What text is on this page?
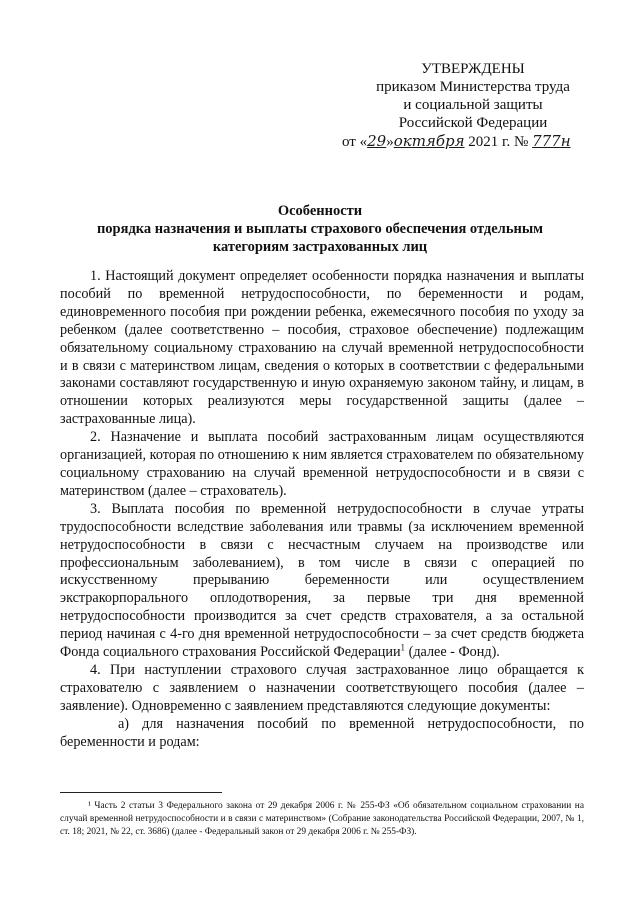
УТВЕРЖДЕНЫ
приказом Министерства труда
и социальной защиты
Российской Федерации
от «29»октября 2021 г. № 777н
Особенности
порядка назначения и выплаты страхового обеспечения отдельным
категориям застрахованных лиц

1. Настоящий документ определяет особенности порядка назначения и выплаты пособий по временной нетрудоспособности, по беременности и родам, единовременного пособия при рождении ребенка, ежемесячного пособия по уходу за ребенком (далее соответственно – пособия, страховое обеспечение) подлежащим обязательному социальному страхованию на случай временной нетрудоспособности и в связи с материнством лицам, сведения о которых в соответствии с федеральными законами составляют государственную и иную охраняемую законом тайну, и лицам, в отношении которых реализуются меры государственной защиты (далее – застрахованные лица).

2. Назначение и выплата пособий застрахованным лицам осуществляются организацией, которая по отношению к ним является страхователем по обязательному социальному страхованию на случай временной нетрудоспособности и в связи с материнством (далее – страхователь).

3. Выплата пособия по временной нетрудоспособности в случае утраты трудоспособности вследствие заболевания или травмы (за исключением временной нетрудоспособности в связи с несчастным случаем на производстве или профессиональным заболеванием), в том числе в связи с операцией по искусственному прерыванию беременности или осуществлением экстракорпорального оплодотворения, за первые три дня временной нетрудоспособности производится за счет средств страхователя, а за остальной период начиная с 4-го дня временной нетрудоспособности – за счет средств бюджета Фонда социального страхования Российской Федерации$^1$ (далее - Фонд).

4. При наступлении страхового случая застрахованное лицо обращается к страхователю с заявлением о назначении соответствующего пособия (далее – заявление). Одновременно с заявлением представляются следующие документы:

а) для назначения пособий по временной нетрудоспособности, по беременности и родам:

¹ Часть 2 статьи 3 Федерального закона от 29 декабря 2006 г. № 255-ФЗ «Об обязательном социальном страховании на случай временной нетрудоспособности и в связи с материнством» (Собрание законодательства Российской Федерации, 2007, № 1, ст. 18; 2021, № 22, ст. 3686) (далее - Федеральный закон от 29 декабря 2006 г. № 255-ФЗ).
